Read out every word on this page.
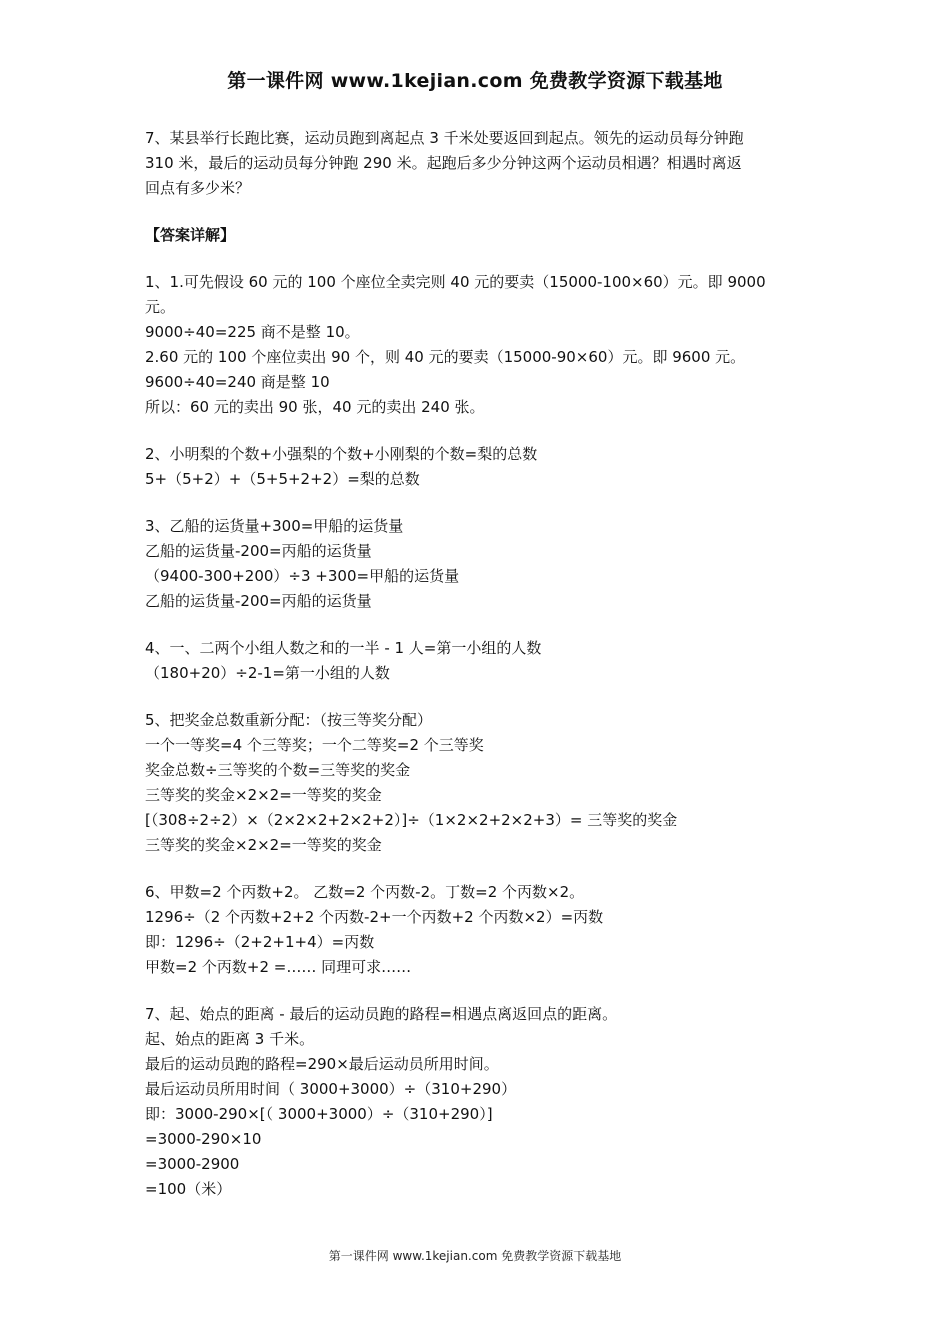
第一课件网 www.1kejian.com 免费教学资源下载基地
7、某县举行长跑比赛，运动员跑到离起点 3 千米处要返回到起点。领先的运动员每分钟跑
310 米，最后的运动员每分钟跑 290 米。起跑后多少分钟这两个运动员相遇？相遇时离返
回点有多少米？
【答案详解】
1、1.可先假设 60 元的 100 个座位全卖完则 40 元的要卖（15000-100×60）元。即 9000
元。
9000÷40=225 商不是整 10。
2.60 元的 100 个座位卖出 90 个，则 40 元的要卖（15000-90×60）元。即 9600 元。
9600÷40=240 商是整 10
所以：60 元的卖出 90 张，40 元的卖出 240 张。
2、小明梨的个数+小强梨的个数+小刚梨的个数=梨的总数
5+（5+2）+（5+5+2+2）=梨的总数
3、乙船的运货量+300=甲船的运货量
乙船的运货量-200=丙船的运货量
（9400-300+200）÷3 +300=甲船的运货量
乙船的运货量-200=丙船的运货量
4、一、二两个小组人数之和的一半 - 1 人=第一小组的人数
（180+20）÷2-1=第一小组的人数
5、把奖金总数重新分配：（按三等奖分配）
一个一等奖=4 个三等奖；一个二等奖=2 个三等奖
奖金总数÷三等奖的个数=三等奖的奖金
三等奖的奖金×2×2=一等奖的奖金
[（308÷2÷2）×（2×2×2+2×2+2）]÷（1×2×2+2×2+3）= 三等奖的奖金
三等奖的奖金×2×2=一等奖的奖金
6、甲数=2 个丙数+2。 乙数=2 个丙数-2。丁数=2 个丙数×2。
1296÷（2 个丙数+2+2 个丙数-2+一个丙数+2 个丙数×2）=丙数
即：1296÷（2+2+1+4）=丙数
甲数=2 个丙数+2 =…… 同理可求……
7、起、始点的距离 - 最后的运动员跑的路程=相遇点离返回点的距离。
起、始点的距离 3 千米。
最后的运动员跑的路程=290×最后运动员所用时间。
最后运动员所用时间（ 3000+3000）÷（310+290）
即：3000-290×[（ 3000+3000）÷（310+290）]
=3000-290×10
=3000-2900
=100（米）
第一课件网 www.1kejian.com 免费教学资源下载基地
